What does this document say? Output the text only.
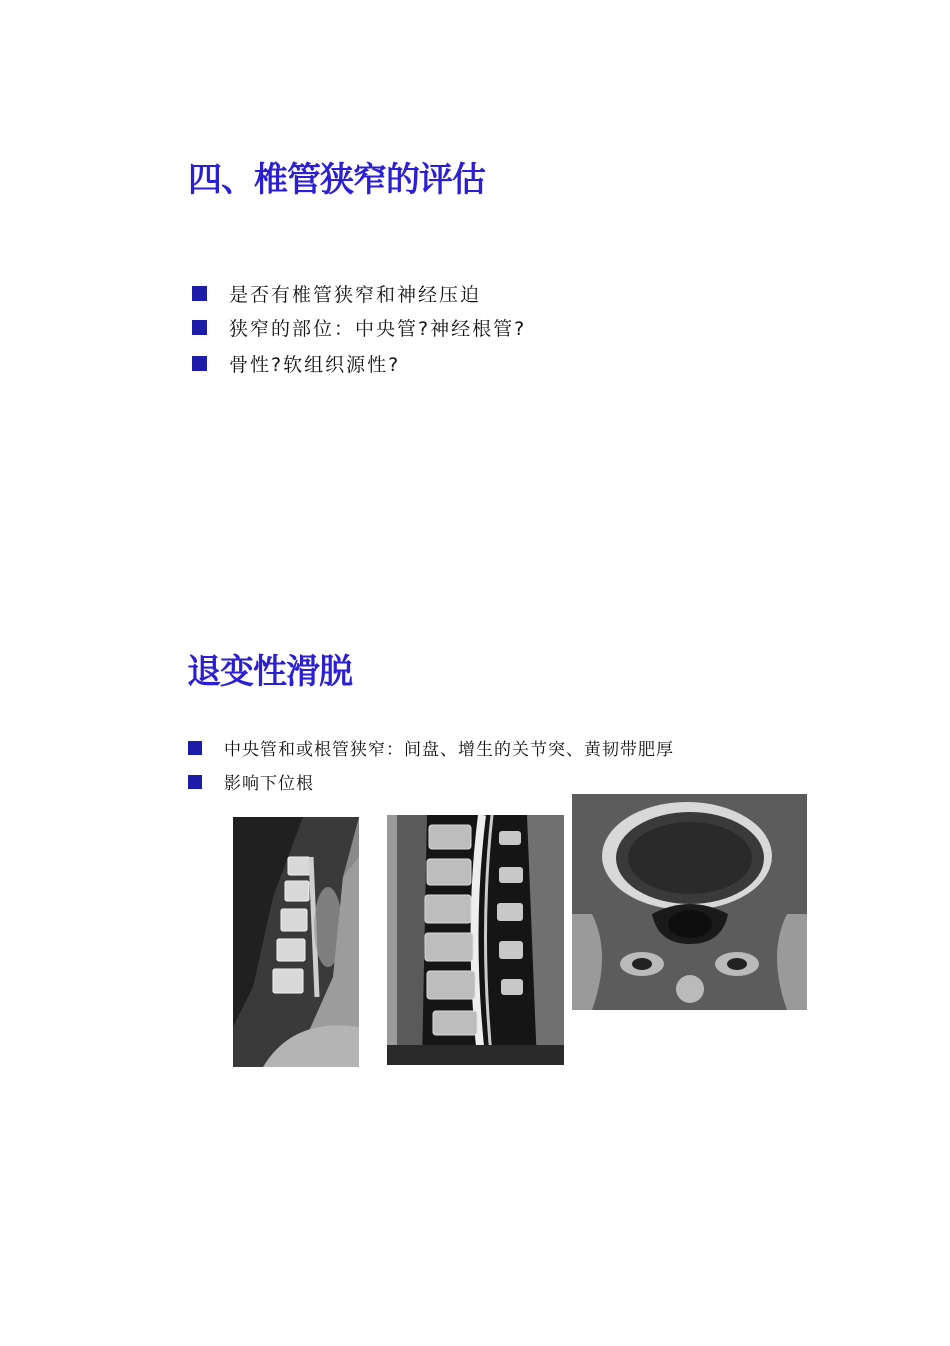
四、椎管狭窄的评估
是否有椎管狭窄和神经压迫
狭窄的部位：中央管?神经根管?
骨性?软组织源性?
退变性滑脱
中央管和或根管狭窄：间盘、增生的关节突、黄韧带肥厚
影响下位根
